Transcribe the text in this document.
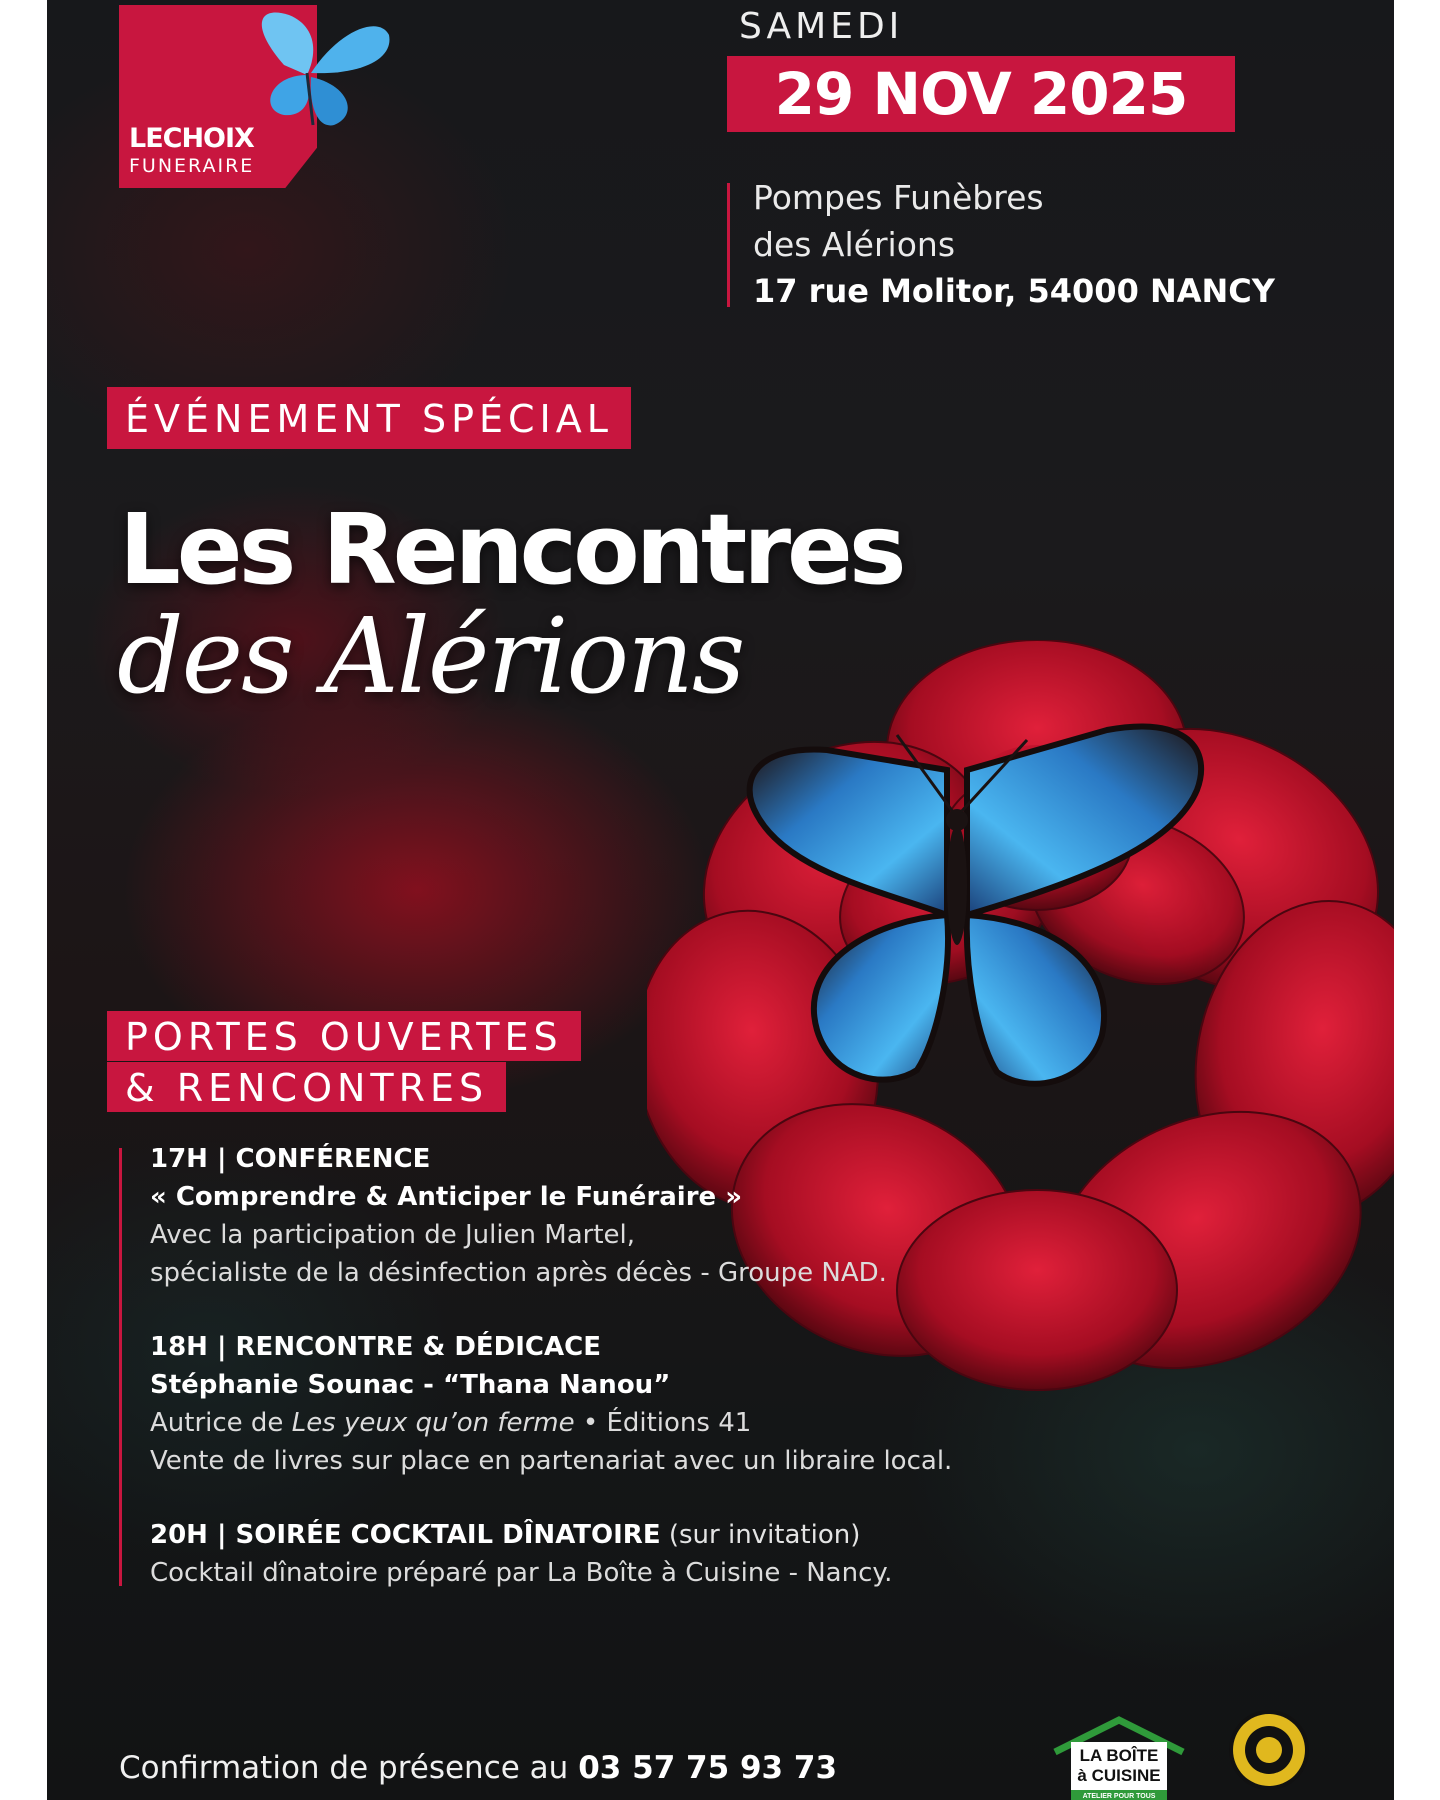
LECHOIX
FUNERAIRE
SAMEDI
29 NOV 2025
Pompes Funèbres
des Alérions
17 rue Molitor, 54000 NANCY
ÉVÉNEMENT SPÉCIAL
Les Rencontres
des Alérions
PORTES OUVERTES
& RENCONTRES
17H | CONFÉRENCE
« Comprendre & Anticiper le Funéraire »
Avec la participation de Julien Martel,
spécialiste de la désinfection après décès - Groupe NAD.
18H | RENCONTRE & DÉDICACE
Stéphanie Sounac - “Thana Nanou”
Autrice de Les yeux qu’on ferme • Éditions 41
Vente de livres sur place en partenariat avec un libraire local.
20H | SOIRÉE COCKTAIL DÎNATOIRE (sur invitation)
Cocktail dînatoire préparé par La Boîte à Cuisine - Nancy.
Confirmation de présence au 03 57 75 93 73	LA BOÎTE
à CUISINE
ATELIER POUR TOUS
